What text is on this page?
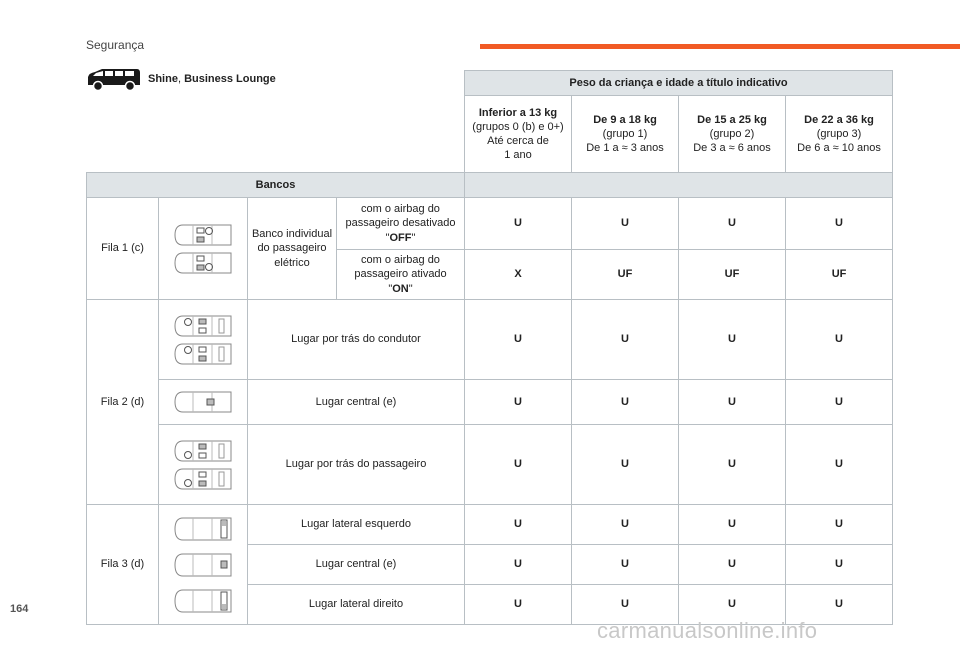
Segurança
				Peso da criança e idade a título indicativo			
				Inferior a 13 kg
(grupos 0 (b) e 0+)
Até cerca de
1 ano	De 9 a 18 kg
(grupo 1)
De 1 a ≈ 3 anos	De 15 a 25 kg
(grupo 2)
De 3 a ≈ 6 anos	De 22 a 36 kg
(grupo 3)
De 6 a ≈ 10 anos
Bancos							
Fila 1 (c)		Banco individual do passageiro elétrico	com o airbag do passageiro desativado
"OFF"	U	U	U	U
			com o airbag do passageiro ativado
"ON"	X	UF	UF	UF
Fila 2 (d)		Lugar por trás do condutor		U	U	U	U

	Lugar central (e)		U	U	U	U

	Lugar por trás do passageiro		U	U	U	U
Fila 3 (d)		Lugar lateral esquerdo		U	U	U	U
		Lugar central (e)		U	U	U	U
		Lugar lateral direito		U	U	U	U
Shine, Business Lounge
164
carmanualsonline.info
